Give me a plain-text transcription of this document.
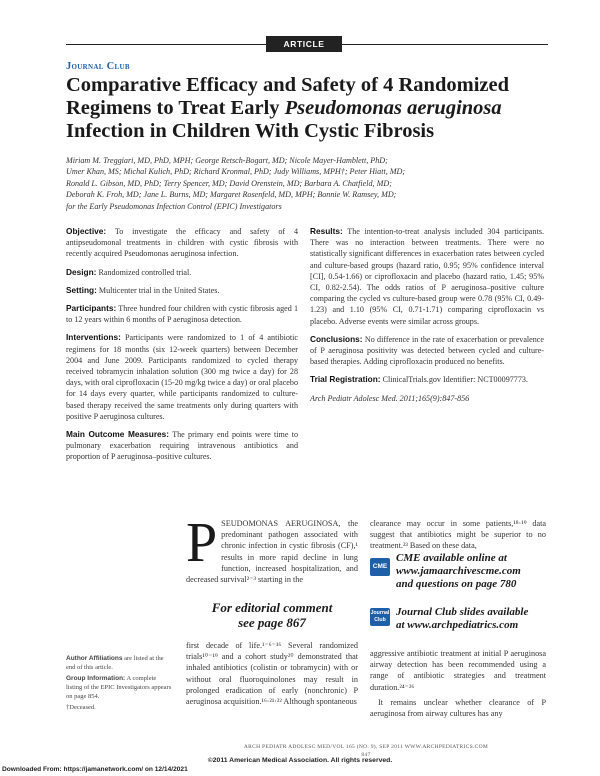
ARTICLE
Journal Club
Comparative Efficacy and Safety of 4 Randomized Regimens to Treat Early Pseudomonas aeruginosa Infection in Children With Cystic Fibrosis
Miriam M. Treggiari, MD, PhD, MPH; George Retsch-Bogart, MD; Nicole Mayer-Hamblett, PhD;
Umer Khan, MS; Michal Kulich, PhD; Richard Kronmal, PhD; Judy Williams, MPH†; Peter Hiatt, MD;
Ronald L. Gibson, MD, PhD; Terry Spencer, MD; David Orenstein, MD; Barbara A. Chatfield, MD;
Deborah K. Froh, MD; Jane L. Burns, MD; Margaret Rosenfeld, MD, MPH; Bonnie W. Ramsey, MD;
for the Early Pseudomonas Infection Control (EPIC) Investigators

Objective: To investigate the efficacy and safety of 4 antipseudomonal treatments in children with cystic fibrosis with recently acquired Pseudomonas aeruginosa infection.

Design: Randomized controlled trial.

Setting: Multicenter trial in the United States.

Participants: Three hundred four children with cystic fibrosis aged 1 to 12 years within 6 months of P aeruginosa detection.

Interventions: Participants were randomized to 1 of 4 antibiotic regimens for 18 months (six 12-week quarters) between December 2004 and June 2009. Participants randomized to cycled therapy received tobramycin inhalation solution (300 mg twice a day) for 28 days, with oral ciprofloxacin (15-20 mg/kg twice a day) or oral placebo for 14 days every quarter, while participants randomized to culture-based therapy received the same treatments only during quarters with positive P aeruginosa cultures.

Main Outcome Measures: The primary end points were time to pulmonary exacerbation requiring intravenous antibiotics and proportion of P aeruginosa–positive cultures.

Results: The intention-to-treat analysis included 304 participants. There was no interaction between treatments. There were no statistically significant differences in exacerbation rates between cycled and culture-based groups (hazard ratio, 0.95; 95% confidence interval [CI], 0.54-1.66) or ciprofloxacin and placebo (hazard ratio, 1.45; 95% CI, 0.82-2.54). The odds ratios of P aeruginosa–positive culture comparing the cycled vs culture-based group were 0.78 (95% CI, 0.49-1.23) and 1.10 (95% CI, 0.71-1.71) comparing ciprofloxacin vs placebo. Adverse events were similar across groups.

Conclusions: No difference in the rate of exacerbation or prevalence of P aeruginosa positivity was detected between cycled and culture-based therapies. Adding ciprofloxacin produced no benefits.

Trial Registration: ClinicalTrials.gov Identifier: NCT00097773.

Arch Pediatr Adolesc Med. 2011;165(9):847-856

P SEUDOMONAS AERUGINOSA, the predominant pathogen associated with chronic infection in cystic fibrosis (CF),¹ results in more rapid decline in lung function, increased hospitalization, and decreased survival²⁻³ starting in the

For editorial comment
see page 867
first decade of life.¹⁻⁶⁻¹⁶ Several randomized trials¹⁰⁻¹⁹ and a cohort study²⁰ demonstrated that inhaled antibiotics (colistin or tobramycin) with or without oral fluoroquinolones may result in prolonged eradication of early (nonchronic) P aeruginosa acquisition.¹⁶⋅²¹⋅²² Although spontaneous
clearance may occur in some patients,¹⁸⋅¹⁹ data suggest that antibiotics might be superior to no treatment.²³ Based on these data,
CME
CME available online at
www.jamaarchivescme.com
and questions on page 780
Journal
Club
Journal Club slides available
at www.archpediatrics.com

aggressive antibiotic treatment at initial P aeruginosa airway detection has been recommended using a range of antibiotic strategies and treatment duration.²⁴⁻²⁶

It remains unclear whether clearance of P aeruginosa from airway cultures has any

Author Affiliations are listed at the end of this article.

Group Information: A complete listing of the EPIC Investigators appears on page 854.

†Deceased.

ARCH PEDIATR ADOLESC MED/VOL 165 (NO. 9), SEP 2011 WWW.ARCHPEDIATRICS.COM
847
©2011 American Medical Association. All rights reserved.
Downloaded From: https://jamanetwork.com/ on 12/14/2021
